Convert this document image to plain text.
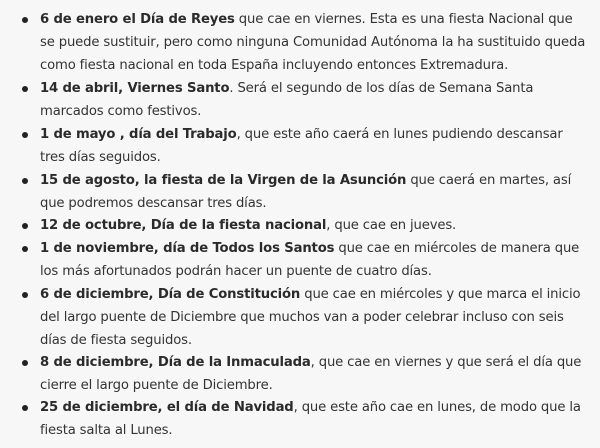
6 de enero el Día de Reyes que cae en viernes. Esta es una fiesta Nacional que se puede sustituir, pero como ninguna Comunidad Autónoma la ha sustituido queda como fiesta nacional en toda España incluyendo entonces Extremadura.
14 de abril, Viernes Santo. Será el segundo de los días de Semana Santa marcados como festivos.
1 de mayo , día del Trabajo, que este año caerá en lunes pudiendo descansar tres días seguidos.
15 de agosto, la fiesta de la Virgen de la Asunción que caerá en martes, así que podremos descansar tres días.
12 de octubre, Día de la fiesta nacional, que cae en jueves.
1 de noviembre, día de Todos los Santos que cae en miércoles de manera que los más afortunados podrán hacer un puente de cuatro días.
6 de diciembre, Día de Constitución que cae en miércoles y que marca el inicio del largo puente de Diciembre que muchos van a poder celebrar incluso con seis días de fiesta seguidos.
8 de diciembre, Día de la Inmaculada, que cae en viernes y que será el día que cierre el largo puente de Diciembre.
25 de diciembre, el día de Navidad, que este año cae en lunes, de modo que la fiesta salta al Lunes.
